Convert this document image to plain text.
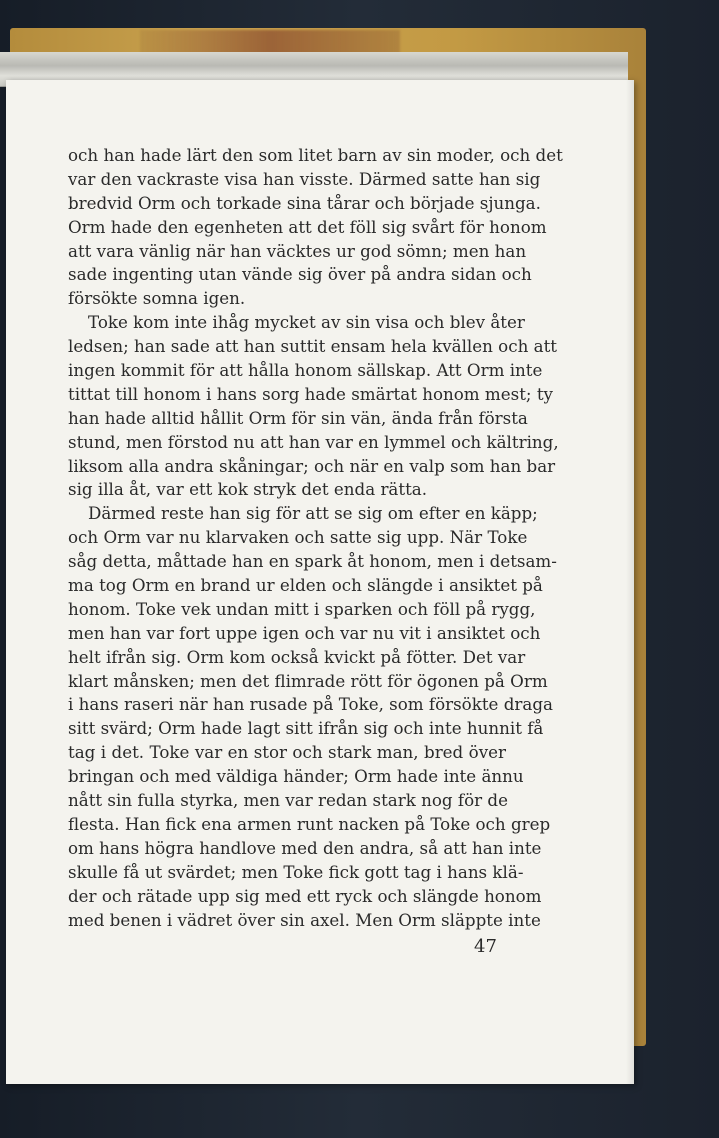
och han hade lärt den som litet barn av sin moder, och det
var den vackraste visa han visste. Därmed satte han sig
bredvid Orm och torkade sina tårar och började sjunga.
Orm hade den egenheten att det föll sig svårt för honom
att vara vänlig när han väcktes ur god sömn; men han
sade ingenting utan vände sig över på andra sidan och
försökte somna igen.
Toke kom inte ihåg mycket av sin visa och blev åter
ledsen; han sade att han suttit ensam hela kvällen och att
ingen kommit för att hålla honom sällskap. Att Orm inte
tittat till honom i hans sorg hade smärtat honom mest; ty
han hade alltid hållit Orm för sin vän, ända från första
stund, men förstod nu att han var en lymmel och kältring,
liksom alla andra skåningar; och när en valp som han bar
sig illa åt, var ett kok stryk det enda rätta.
Därmed reste han sig för att se sig om efter en käpp;
och Orm var nu klarvaken och satte sig upp. När Toke
såg detta, måttade han en spark åt honom, men i detsam-
ma tog Orm en brand ur elden och slängde i ansiktet på
honom. Toke vek undan mitt i sparken och föll på rygg,
men han var fort uppe igen och var nu vit i ansiktet och
helt ifrån sig. Orm kom också kvickt på fötter. Det var
klart månsken; men det flimrade rött för ögonen på Orm
i hans raseri när han rusade på Toke, som försökte draga
sitt svärd; Orm hade lagt sitt ifrån sig och inte hunnit få
tag i det. Toke var en stor och stark man, bred över
bringan och med väldiga händer; Orm hade inte ännu
nått sin fulla styrka, men var redan stark nog för de
flesta. Han fick ena armen runt nacken på Toke och grep
om hans högra handlove med den andra, så att han inte
skulle få ut svärdet; men Toke fick gott tag i hans klä-
der och rätade upp sig med ett ryck och slängde honom
med benen i vädret över sin axel. Men Orm släppte inte
47
